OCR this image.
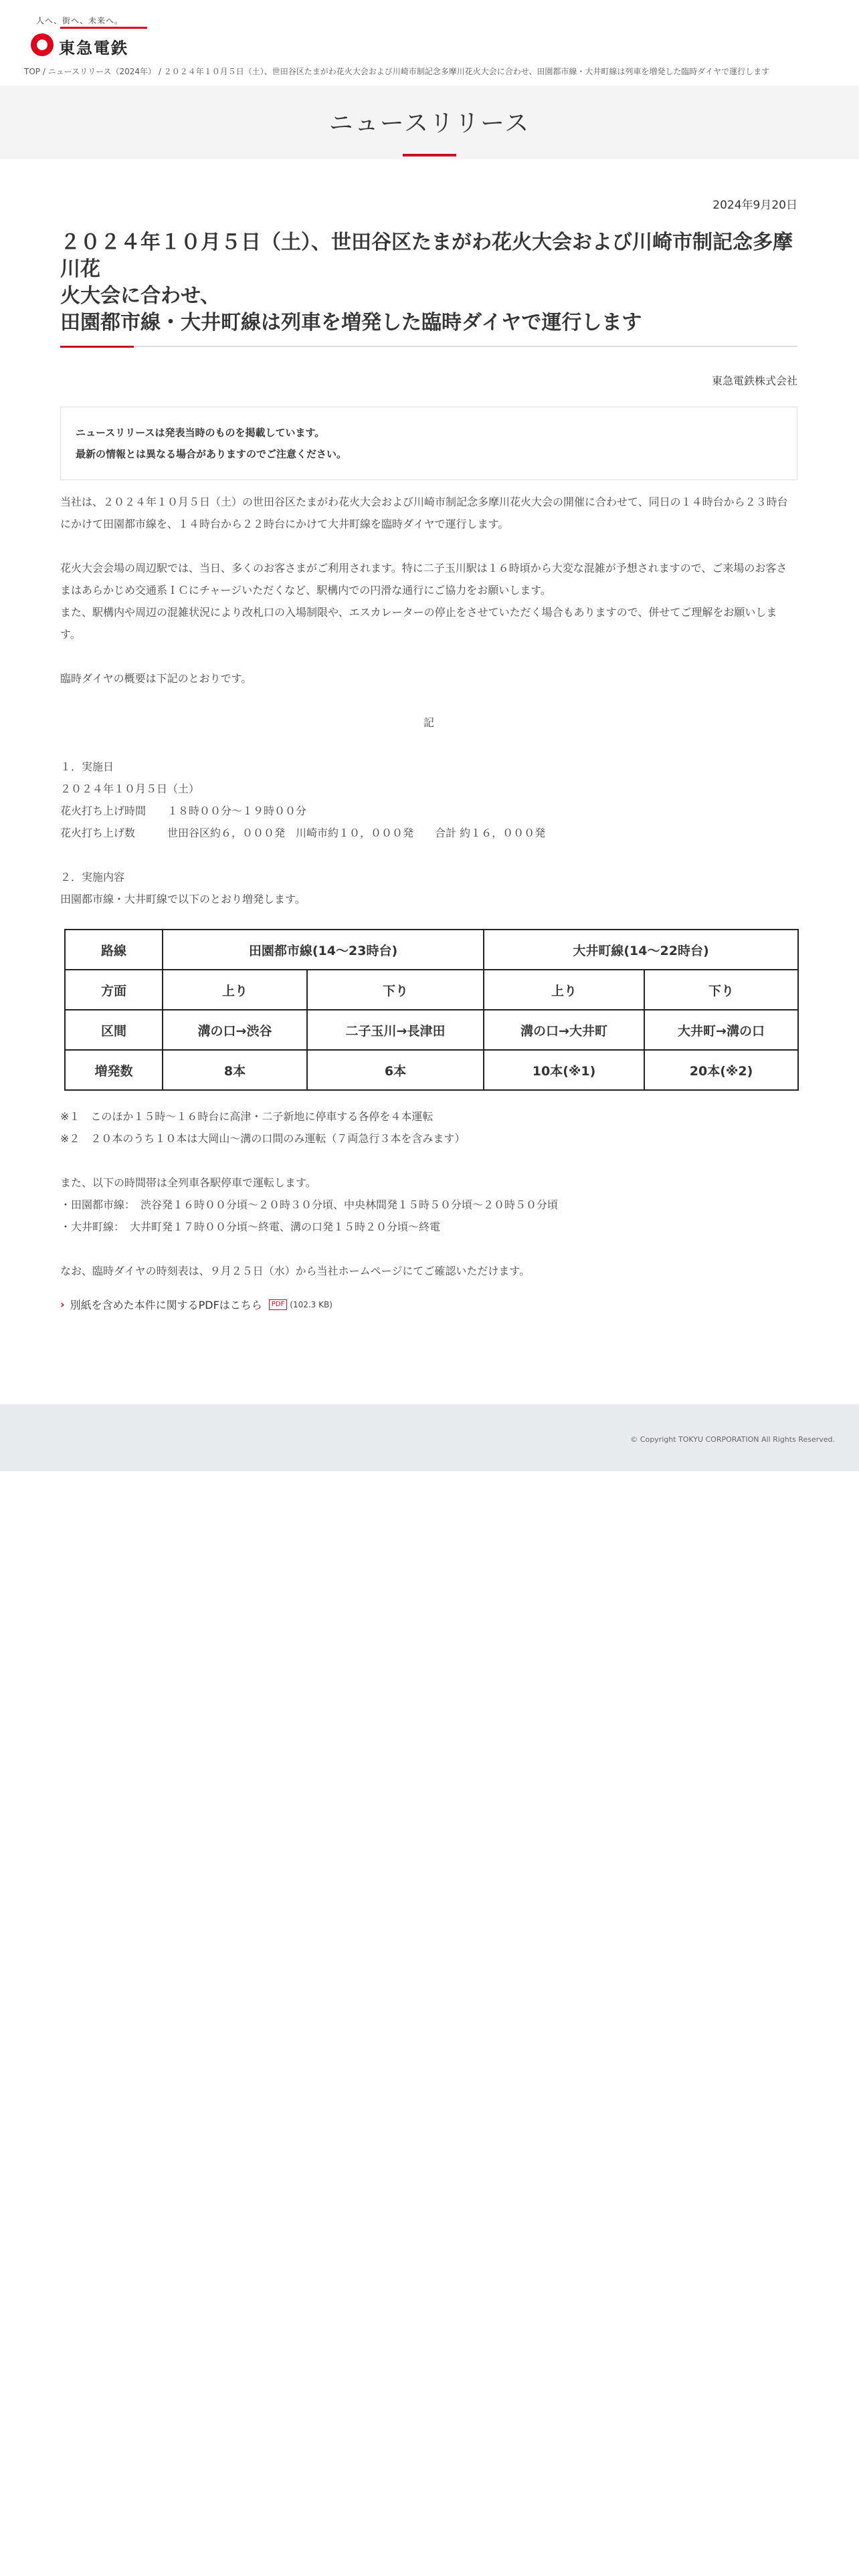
人へ、街へ、未来へ。
東急電鉄
TOP / ニュースリリース（2024年） / ２０２４年１０月５日（土）、世田谷区たまがわ花火大会および川崎市制記念多摩川花火大会に合わせ、田園都市線・大井町線は列車を増発した臨時ダイヤで運行します
ニュースリリース
2024年9月20日
２０２４年１０月５日（土）、世田谷区たまがわ花火大会および川崎市制記念多摩川花
火大会に合わせ、
田園都市線・大井町線は列車を増発した臨時ダイヤで運行します
東急電鉄株式会社

ニュースリリースは発表当時のものを掲載しています。

最新の情報とは異なる場合がありますのでご注意ください。

当社は、２０２４年１０月５日（土）の世田谷区たまがわ花火大会および川崎市制記念多摩川花火大会の開催に合わせて、同日の１４時台から２３時台にかけて田園都市線を、１４時台から２２時台にかけて大井町線を臨時ダイヤで運行します。

花火大会会場の周辺駅では、当日、多くのお客さまがご利用されます。特に二子玉川駅は１６時頃から大変な混雑が予想されますので、ご来場のお客さまはあらかじめ交通系ＩＣにチャージいただくなど、駅構内での円滑な通行にご協力をお願いします。

また、駅構内や周辺の混雑状況により改札口の入場制限や、エスカレーターの停止をさせていただく場合もありますので、併せてご理解をお願いします。

臨時ダイヤの概要は下記のとおりです。

記

１．実施日

２０２４年１０月５日（土）

花火打ち上げ時間　　１８時００分～１９時００分

花火打ち上げ数　　　世田谷区約６，０００発　川崎市約１０，０００発　　合計 約１６，０００発

２．実施内容

田園都市線・大井町線で以下のとおり増発します。

路線	田園都市線(14～23時台)		大井町線(14～22時台)	
方面	上り	下り	上り	下り
区間	溝の口→渋谷	二子玉川→長津田	溝の口→大井町	大井町→溝の口
増発数	8本	6本	10本(※1)	20本(※2)

※１　このほか１５時～１６時台に高津・二子新地に停車する各停を４本運転

※２　２０本のうち１０本は大岡山～溝の口間のみ運転（７両急行３本を含みます）

また、以下の時間帯は全列車各駅停車で運転します。

・田園都市線：　渋谷発１６時００分頃～２０時３０分頃、中央林間発１５時５０分頃～２０時５０分頃

・大井町線：　大井町発１７時００分頃～終電、溝の口発１５時２０分頃～終電

なお、臨時ダイヤの時刻表は、９月２５日（水）から当社ホームページにてご確認いただけます。

› 別紙を含めた本件に関するPDFはこちら	PDF (102.3 KB)
© Copyright TOKYU CORPORATION All Rights Reserved.
